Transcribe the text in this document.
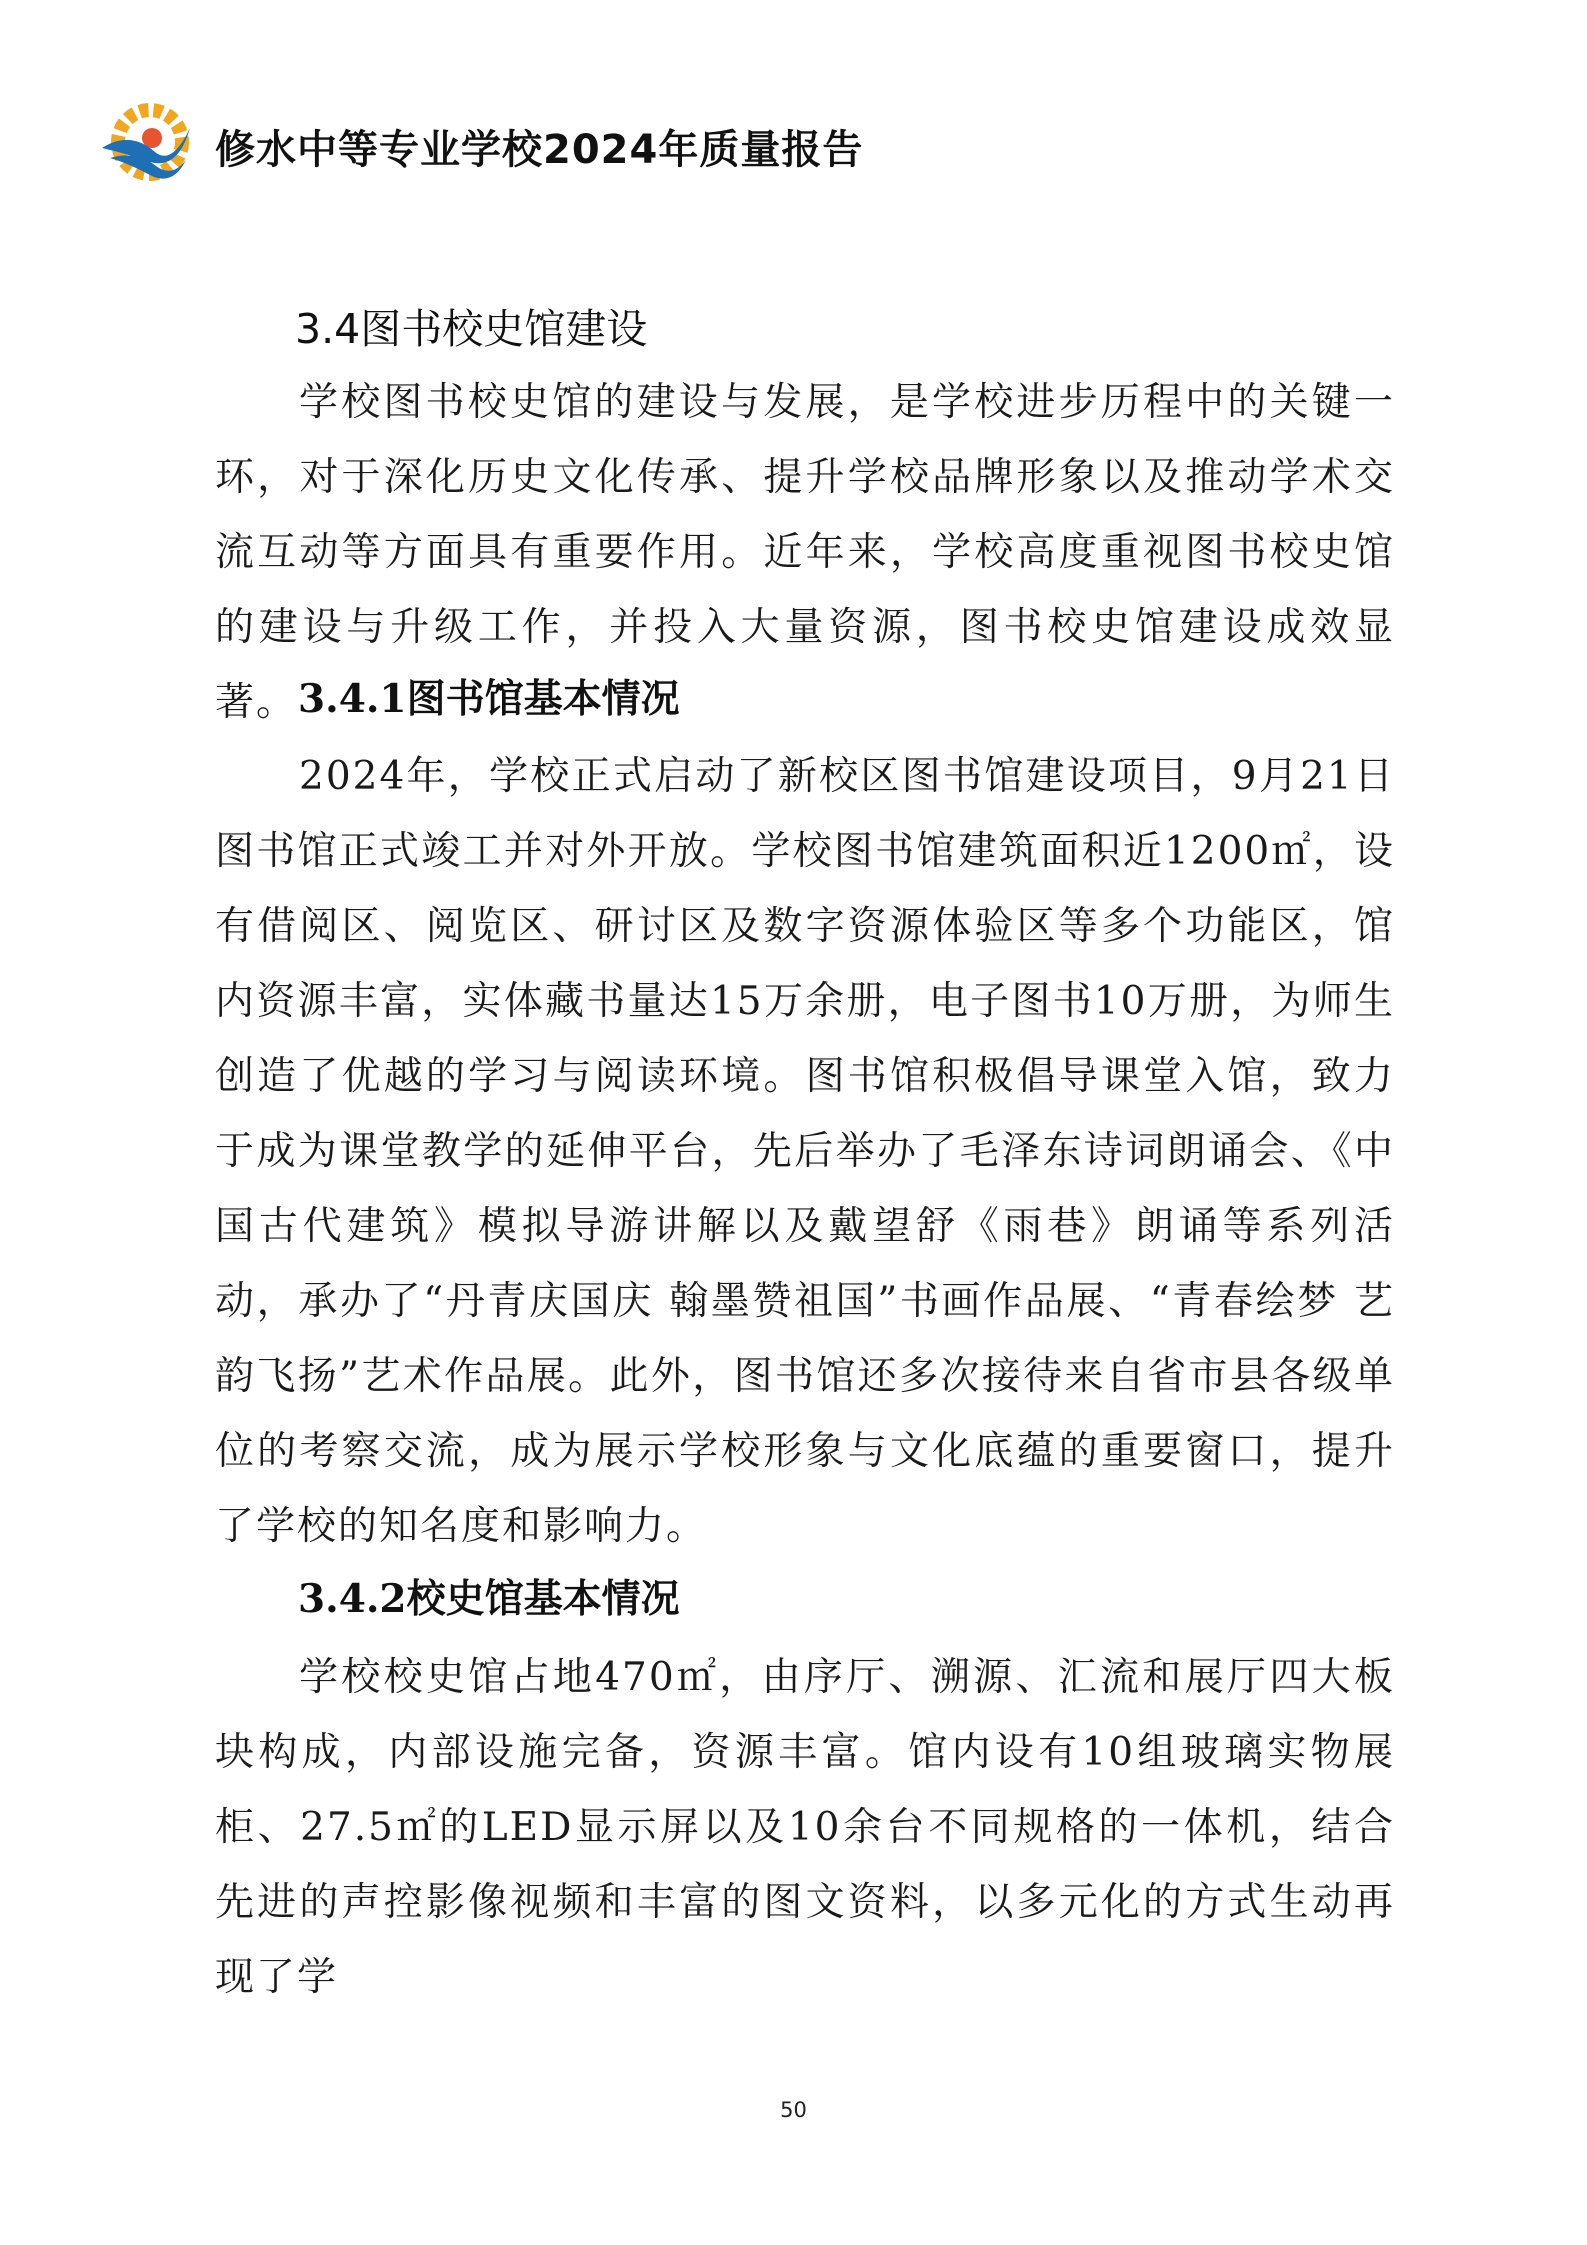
修水中等专业学校2024年质量报告
3.4图书校史馆建设
学校图书校史馆的建设与发展，是学校进步历程中的关键一环，对于深化历史文化传承、提升学校品牌形象以及推动学术交流互动等方面具有重要作用。近年来，学校高度重视图书校史馆的建设与升级工作，并投入大量资源，图书校史馆建设成效显著。 3.4.1图书馆基本情况
2024年，学校正式启动了新校区图书馆建设项目，9月21日图书馆正式竣工并对外开放。学校图书馆建筑面积近1200㎡，设有借阅区、阅览区、研讨区及数字资源体验区等多个功能区，馆内资源丰富，实体藏书量达15万余册，电子图书10万册，为师生创造了优越的学习与阅读环境。图书馆积极倡导课堂入馆，致力于成为课堂教学的延伸平台，先后举办了毛泽东诗词朗诵会、《中国古代建筑》模拟导游讲解以及戴望舒《雨巷》朗诵等系列活动，承办了“丹青庆国庆 翰墨赞祖国”书画作品展、“青春绘梦 艺韵飞扬”艺术作品展。此外，图书馆还多次接待来自省市县各级单位的考察交流，成为展示学校形象与文化底蕴的重要窗口，提升了学校的知名度和影响力。
3.4.2校史馆基本情况
学校校史馆占地470㎡，由序厅、溯源、汇流和展厅四大板块构成，内部设施完备，资源丰富。馆内设有10组玻璃实物展柜、27.5㎡的LED显示屏以及10余台不同规格的一体机，结合先进的声控影像视频和丰富的图文资料，以多元化的方式生动再现了学
50
